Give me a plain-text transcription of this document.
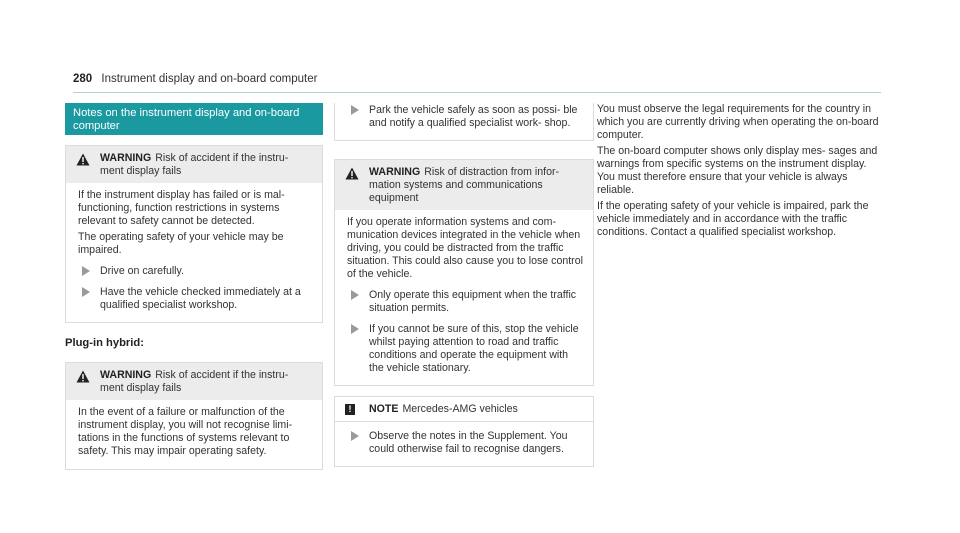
280 Instrument display and on-board computer
Notes on the instrument display and on-board computer
WARNING Risk of accident if the instru- ment display fails

If the instrument display has failed or is mal- functioning, function restrictions in systems relevant to safety cannot be detected.

The operating safety of your vehicle may be impaired.

Drive on carefully.
Have the vehicle checked immediately at a qualified specialist workshop.
Plug-in hybrid:
WARNING Risk of accident if the instru- ment display fails

In the event of a failure or malfunction of the instrument display, you will not recognise limi- tations in the functions of systems relevant to safety. This may impair operating safety.

Park the vehicle safely as soon as possi- ble and notify a qualified specialist work- shop.
WARNING Risk of distraction from infor- mation systems and communications equipment

If you operate information systems and com- munication devices integrated in the vehicle when driving, you could be distracted from the traffic situation. This could also cause you to lose control of the vehicle.

Only operate this equipment when the traffic situation permits.
If you cannot be sure of this, stop the vehicle whilst paying attention to road and traffic conditions and operate the equipment with the vehicle stationary.
!	NOTE Mercedes-AMG vehicles
Observe the notes in the Supplement. You could otherwise fail to recognise dangers.

You must observe the legal requirements for the country in which you are currently driving when operating the on-board computer.

The on-board computer shows only display mes- sages and warnings from specific systems on the instrument display. You must therefore ensure that your vehicle is always reliable.

If the operating safety of your vehicle is impaired, park the vehicle immediately and in accordance with the traffic conditions. Contact a qualified specialist workshop.
